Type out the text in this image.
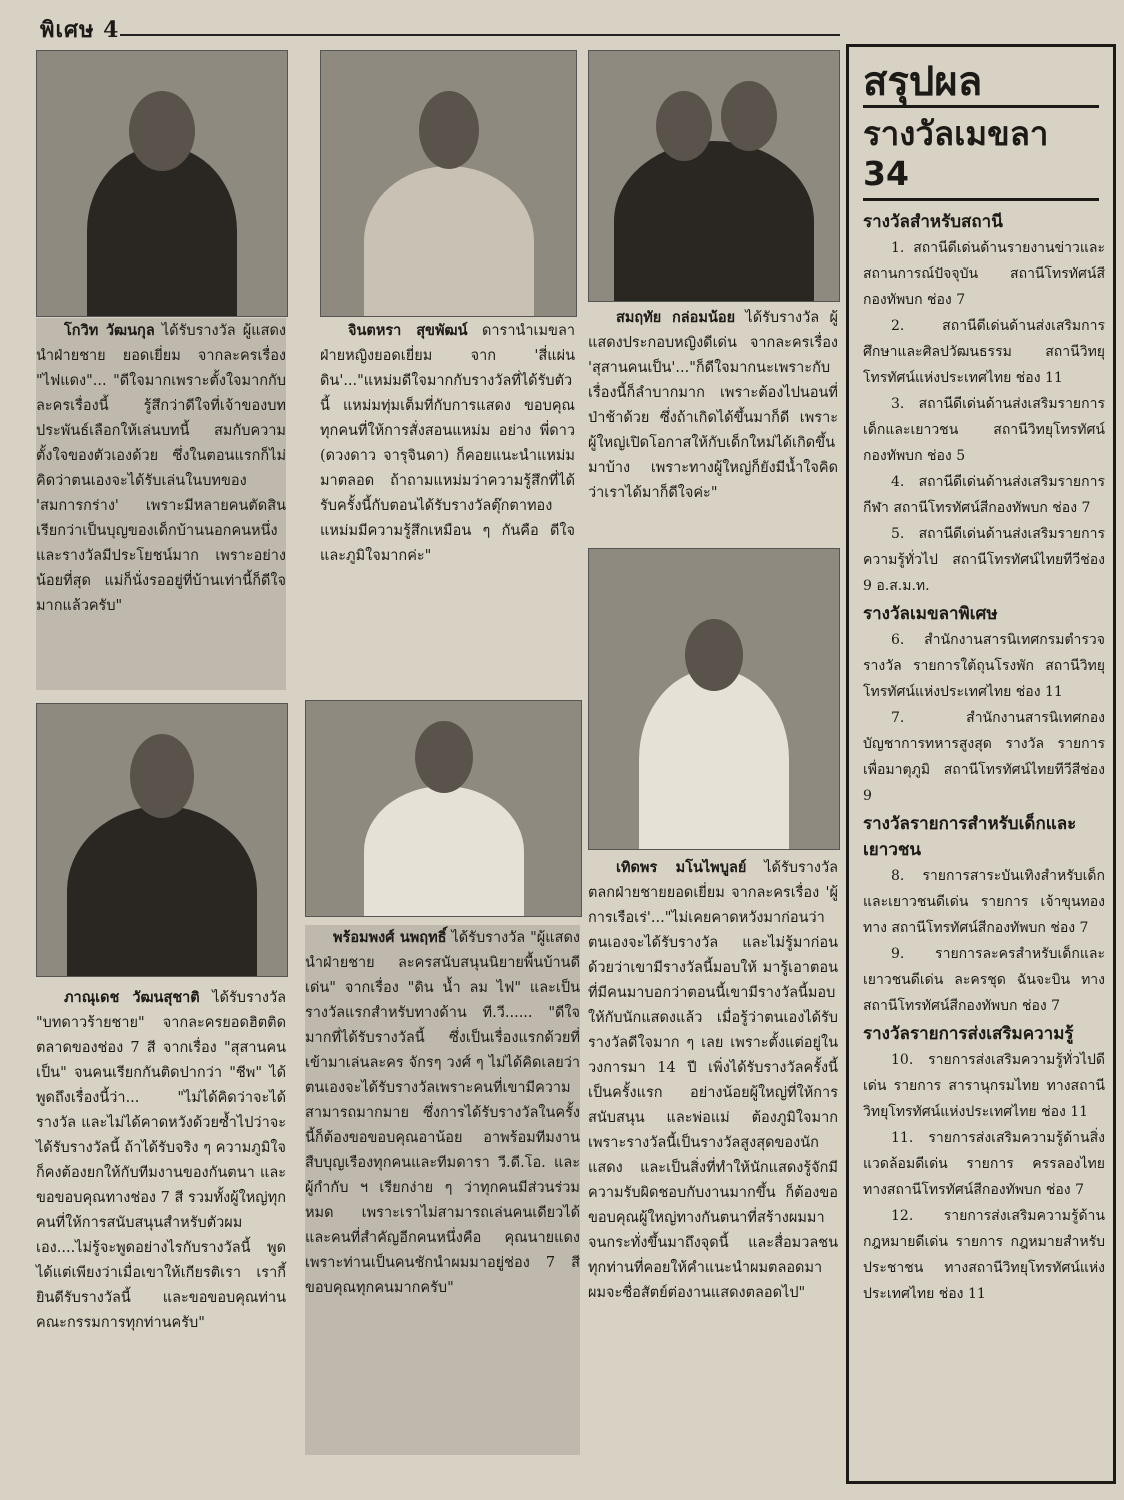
พิเศษ 4

โกวิท วัฒนกุล ได้รับรางวัล ผู้แสดงนำฝ่ายชาย ยอดเยี่ยม จากละครเรื่อง "ไฟแดง"... "ดีใจมากเพราะตั้งใจมากกับละครเรื่องนี้ รู้สึกว่าดีใจที่เจ้าของบทประพันธ์เลือกให้เล่นบทนี้ สมกับความตั้งใจของตัวเองด้วย ซึ่งในตอนแรกก็ไม่คิดว่าตนเองจะได้รับเล่นในบทของ 'สมการกร่าง' เพราะมีหลายคนตัดสิน เรียกว่าเป็นบุญของเด็กบ้านนอกคนหนึ่ง และรางวัลมีประโยชน์มาก เพราะอย่างน้อยที่สุด แม่ก็นั่งรออยู่ที่บ้านเท่านี้ก็ดีใจมากแล้วครับ"

จินตหรา สุขพัฒน์ ดารานำเมขลาฝ่ายหญิงยอดเยี่ยม จาก 'สี่แผ่นดิน'..."แหม่มดีใจมากกับรางวัลที่ได้รับตัวนี้ แหม่มทุ่มเต็มที่กับการแสดง ขอบคุณทุกคนที่ให้การสั่งสอนแหม่ม อย่าง พี่ดาว (ดวงดาว จารุจินดา) ก็คอยแนะนำแหม่มมาตลอด ถ้าถามแหม่มว่าความรู้สึกที่ได้รับครั้งนี้กับตอนได้รับรางวัลตุ๊กตาทอง แหม่มมีความรู้สึกเหมือน ๆ กันคือ ดีใจ และภูมิใจมากค่ะ"

สมฤทัย กล่อมน้อย ได้รับรางวัล ผู้แสดงประกอบหญิงดีเด่น จากละครเรื่อง 'สุสานคนเป็น'..."ก็ดีใจมากนะเพราะกับเรื่องนี้ก็ลำบากมาก เพราะต้องไปนอนที่ป่าช้าด้วย ซึ่งถ้าเกิดได้ขึ้นมาก็ดี เพราะผู้ใหญ่เปิดโอกาสให้กับเด็กใหม่ได้เกิดขึ้นมาบ้าง เพราะทางผู้ใหญ่ก็ยังมีน้ำใจคิดว่าเราได้มาก็ดีใจค่ะ"

ภาณุเดช วัฒนสุชาติ ได้รับรางวัล "บทดาวร้ายชาย" จากละครยอดฮิตติดตลาดของช่อง 7 สี จากเรื่อง "สุสานคนเป็น" จนคนเรียกกันติดปากว่า "ชีพ" ได้พูดถึงเรื่องนี้ว่า... "ไม่ได้คิดว่าจะได้รางวัล และไม่ได้คาดหวังด้วยซ้ำไปว่าจะได้รับรางวัลนี้ ถ้าได้รับจริง ๆ ความภูมิใจก็คงต้องยกให้กับทีมงานของกันตนา และขอขอบคุณทางช่อง 7 สี รวมทั้งผู้ใหญ่ทุกคนที่ให้การสนับสนุนสำหรับตัวผมเอง....ไม่รู้จะพูดอย่างไรกับรางวัลนี้ พูดได้แต่เพียงว่าเมื่อเขาให้เกียรติเรา เรากี้ยินดีรับรางวัลนี้ และขอขอบคุณท่านคณะกรรมการทุกท่านครับ"

พร้อมพงศ์ นพฤทธิ์ ได้รับรางวัล "ผู้แสดงนำฝ่ายชาย ละครสนับสนุนนิยายพื้นบ้านดีเด่น" จากเรื่อง "ดิน น้ำ ลม ไฟ" และเป็นรางวัลแรกสำหรับทางด้าน ที.วี...... "ดีใจมากที่ได้รับรางวัลนี้ ซึ่งเป็นเรื่องแรกด้วยที่เข้ามาเล่นละคร จักรๆ วงศ์ ๆ ไม่ได้คิดเลยว่าตนเองจะได้รับรางวัลเพราะคนที่เขามีความสามารถมากมาย ซึ่งการได้รับรางวัลในครั้งนี้ก็ต้องขอขอบคุณอาน้อย อาพร้อมทีมงานสืบบุญเรืองทุกคนและทีมดารา วี.ดี.โอ. และผู้กำกับ ฯ เรียกง่าย ๆ ว่าทุกคนมีส่วนร่วมหมด เพราะเราไม่สามารถเล่นคนเดียวได้ และคนที่สำคัญอีกคนหนึ่งคือ คุณนายแดง เพราะท่านเป็นคนชักนำผมมาอยู่ช่อง 7 สี ขอบคุณทุกคนมากครับ"

เทิดพร มโนไพบูลย์ ได้รับรางวัล ตลกฝ่ายชายยอดเยี่ยม จากละครเรื่อง 'ผู้การเรือเร่'..."ไม่เคยคาดหวังมาก่อนว่าตนเองจะได้รับรางวัล และไม่รู้มาก่อนด้วยว่าเขามีรางวัลนี้มอบให้ มารู้เอาตอนที่มีคนมาบอกว่าตอนนี้เขามีรางวัลนี้มอบให้กับนักแสดงแล้ว เมื่อรู้ว่าตนเองได้รับรางวัลดีใจมาก ๆ เลย เพราะตั้งแต่อยู่ในวงการมา 14 ปี เพิ่งได้รับรางวัลครั้งนี้เป็นครั้งแรก อย่างน้อยผู้ใหญ่ที่ให้การสนับสนุน และพ่อแม่ ต้องภูมิใจมากเพราะรางวัลนี้เป็นรางวัลสูงสุดของนักแสดง และเป็นสิ่งที่ทำให้นักแสดงรู้จักมีความรับผิดชอบกับงานมากขึ้น ก็ต้องขอขอบคุณผู้ใหญ่ทางกันตนาที่สร้างผมมาจนกระทั่งขึ้นมาถึงจุดนี้ และสื่อมวลชนทุกท่านที่คอยให้คำแนะนำผมตลอดมา ผมจะซื่อสัตย์ต่องานแสดงตลอดไป"

สรุปผล
รางวัลเมขลา 34
รางวัลสำหรับสถานี
1. สถานีดีเด่นด้านรายงานข่าวและสถานการณ์ปัจจุบัน สถานีโทรทัศน์สีกองทัพบก ช่อง 7
2. สถานีดีเด่นด้านส่งเสริมการศึกษาและศิลปวัฒนธรรม สถานีวิทยุโทรทัศน์แห่งประเทศไทย ช่อง 11
3. สถานีดีเด่นด้านส่งเสริมรายการเด็กและเยาวชน สถานีวิทยุโทรทัศน์กองทัพบก ช่อง 5
4. สถานีดีเด่นด้านส่งเสริมรายการกีฬา สถานีโทรทัศน์สีกองทัพบก ช่อง 7
5. สถานีดีเด่นด้านส่งเสริมรายการความรู้ทั่วไป สถานีโทรทัศน์ไทยทีวีช่อง 9 อ.ส.ม.ท.
รางวัลเมขลาพิเศษ
6. สำนักงานสารนิเทศกรมตำรวจ รางวัล รายการใต้ถุนโรงพัก สถานีวิทยุโทรทัศน์แห่งประเทศไทย ช่อง 11
7. สำนักงานสารนิเทศกองบัญชาการทหารสูงสุด รางวัล รายการเพื่อมาตุภูมิ สถานีโทรทัศน์ไทยทีวีสีช่อง 9
รางวัลรายการสำหรับเด็กและเยาวชน
8. รายการสาระบันเทิงสำหรับเด็กและเยาวชนดีเด่น รายการ เจ้าขุนทอง ทาง สถานีโทรทัศน์สีกองทัพบก ช่อง 7
9. รายการละครสำหรับเด็กและเยาวชนดีเด่น ละครชุด ฉันจะบิน ทางสถานีโทรทัศน์สีกองทัพบก ช่อง 7
รางวัลรายการส่งเสริมความรู้
10. รายการส่งเสริมความรู้ทั่วไปดีเด่น รายการ สารานุกรมไทย ทางสถานีวิทยุโทรทัศน์แห่งประเทศไทย ช่อง 11
11. รายการส่งเสริมความรู้ด้านสิ่งแวดล้อมดีเด่น รายการ ครรลองไทย ทางสถานีโทรทัศน์สีกองทัพบก ช่อง 7
12. รายการส่งเสริมความรู้ด้านกฎหมายดีเด่น รายการ กฎหมายสำหรับประชาชน ทางสถานีวิทยุโทรทัศน์แห่งประเทศไทย ช่อง 11
